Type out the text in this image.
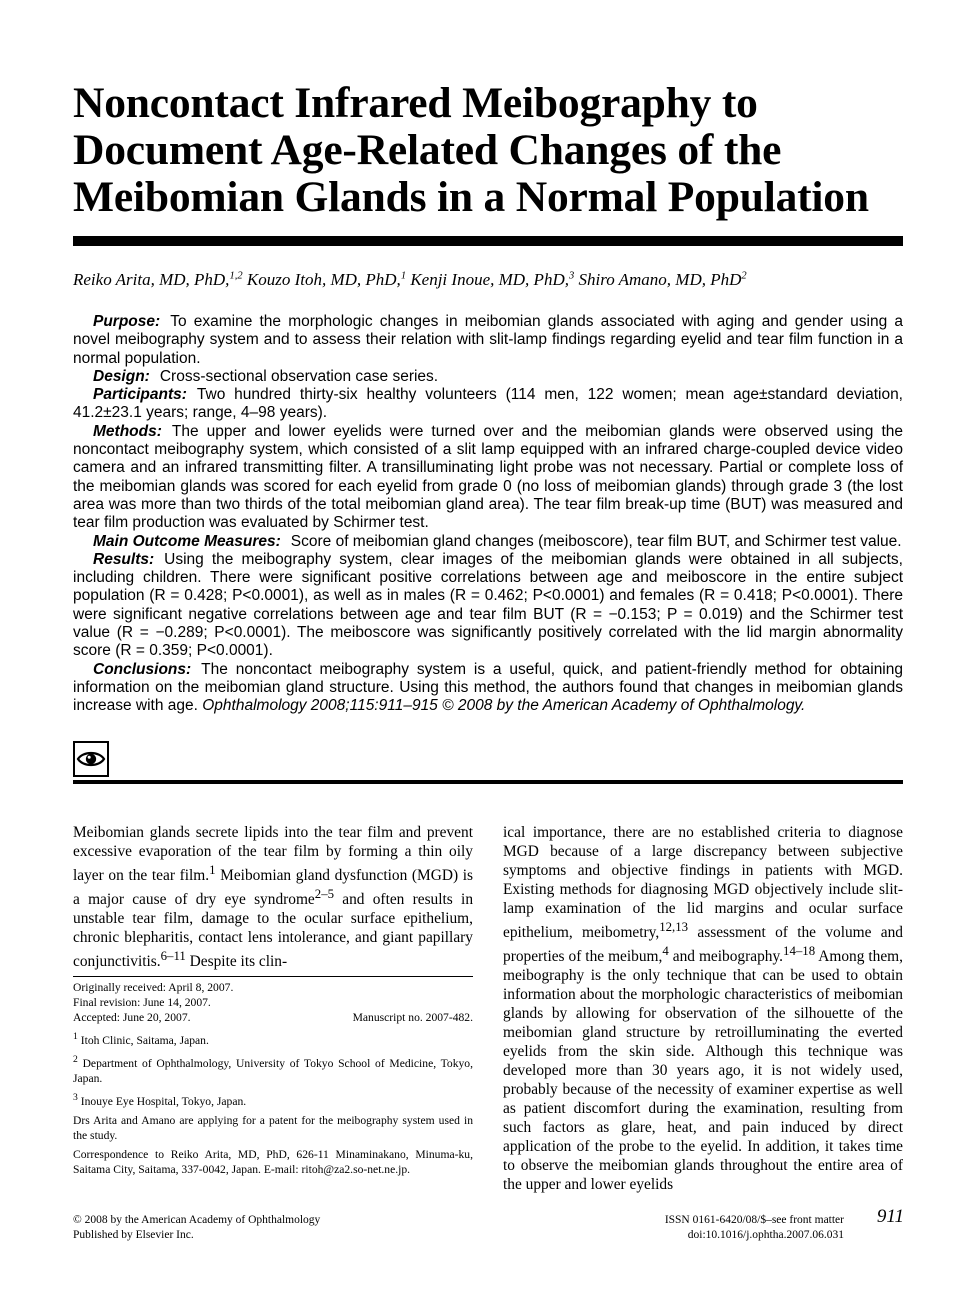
Noncontact Infrared Meibography to
Document Age-Related Changes of the
Meibomian Glands in a Normal Population
Reiko Arita, MD, PhD,$^{1,2}$ Kouzo Itoh, MD, PhD,$^1$ Kenji Inoue, MD, PhD,$^3$ Shiro Amano, MD, PhD$^2$

Purpose: To examine the morphologic changes in meibomian glands associated with aging and gender using a novel meibography system and to assess their relation with slit-lamp findings regarding eyelid and tear film function in a normal population.

Design: Cross-sectional observation case series.

Participants: Two hundred thirty-six healthy volunteers (114 men, 122 women; mean age±standard deviation, 41.2±23.1 years; range, 4–98 years).

Methods: The upper and lower eyelids were turned over and the meibomian glands were observed using the noncontact meibography system, which consisted of a slit lamp equipped with an infrared charge-coupled device video camera and an infrared transmitting filter. A transilluminating light probe was not necessary. Partial or complete loss of the meibomian glands was scored for each eyelid from grade 0 (no loss of meibomian glands) through grade 3 (the lost area was more than two thirds of the total meibomian gland area). The tear film break-up time (BUT) was measured and tear film production was evaluated by Schirmer test.

Main Outcome Measures: Score of meibomian gland changes (meiboscore), tear film BUT, and Schirmer test value.

Results: Using the meibography system, clear images of the meibomian glands were obtained in all subjects, including children. There were significant positive correlations between age and meiboscore in the entire subject population (R = 0.428; P<0.0001), as well as in males (R = 0.462; P<0.0001) and females (R = 0.418; P<0.0001). There were significant negative correlations between age and tear film BUT (R = −0.153; P = 0.019) and the Schirmer test value (R = −0.289; P<0.0001). The meiboscore was significantly positively correlated with the lid margin abnormality score (R = 0.359; P<0.0001).

Conclusions: The noncontact meibography system is a useful, quick, and patient-friendly method for obtaining information on the meibomian gland structure. Using this method, the authors found that changes in meibomian glands increase with age. Ophthalmology 2008;115:911–915 © 2008 by the American Academy of Ophthalmology.

Meibomian glands secrete lipids into the tear film and prevent excessive evaporation of the tear film by forming a thin oily layer on the tear film.$^1$ Meibomian gland dysfunction (MGD) is a major cause of dry eye syndrome$^{2-5}$ and often results in unstable tear film, damage to the ocular surface epithelium, chronic blepharitis, contact lens intolerance, and giant papillary conjunctivitis.$^{6-11}$ Despite its clin-

Originally received: April 8, 2007.

Final revision: June 14, 2007.

Accepted: June 20, 2007.	Manuscript no. 2007-482.

$^1$ Itoh Clinic, Saitama, Japan.

$^2$ Department of Ophthalmology, University of Tokyo School of Medicine, Tokyo, Japan.

$^3$ Inouye Eye Hospital, Tokyo, Japan.

Drs Arita and Amano are applying for a patent for the meibography system used in the study.

Correspondence to Reiko Arita, MD, PhD, 626-11 Minaminakano, Minuma-ku, Saitama City, Saitama, 337-0042, Japan. E-mail: ritoh@za2.so-net.ne.jp.

ical importance, there are no established criteria to diagnose MGD because of a large discrepancy between subjective symptoms and objective findings in patients with MGD. Existing methods for diagnosing MGD objectively include slit-lamp examination of the lid margins and ocular surface epithelium, meibometry,$^{12,13}$ assessment of the volume and properties of the meibum,$^4$ and meibography.$^{14-18}$ Among them, meibography is the only technique that can be used to obtain information about the morphologic characteristics of meibomian glands by allowing for observation of the silhouette of the meibomian gland structure by retroilluminating the everted eyelids from the skin side. Although this technique was developed more than 30 years ago, it is not widely used, probably because of the necessity of examiner expertise as well as patient discomfort during the examination, resulting from such factors as glare, heat, and pain induced by direct application of the probe to the eyelid. In addition, it takes time to observe the meibomian glands throughout the entire area of the upper and lower eyelids

© 2008 by the American Academy of Ophthalmology
Published by Elsevier Inc.
ISSN 0161-6420/08/$–see front matter
doi:10.1016/j.ophtha.2007.06.031
911
